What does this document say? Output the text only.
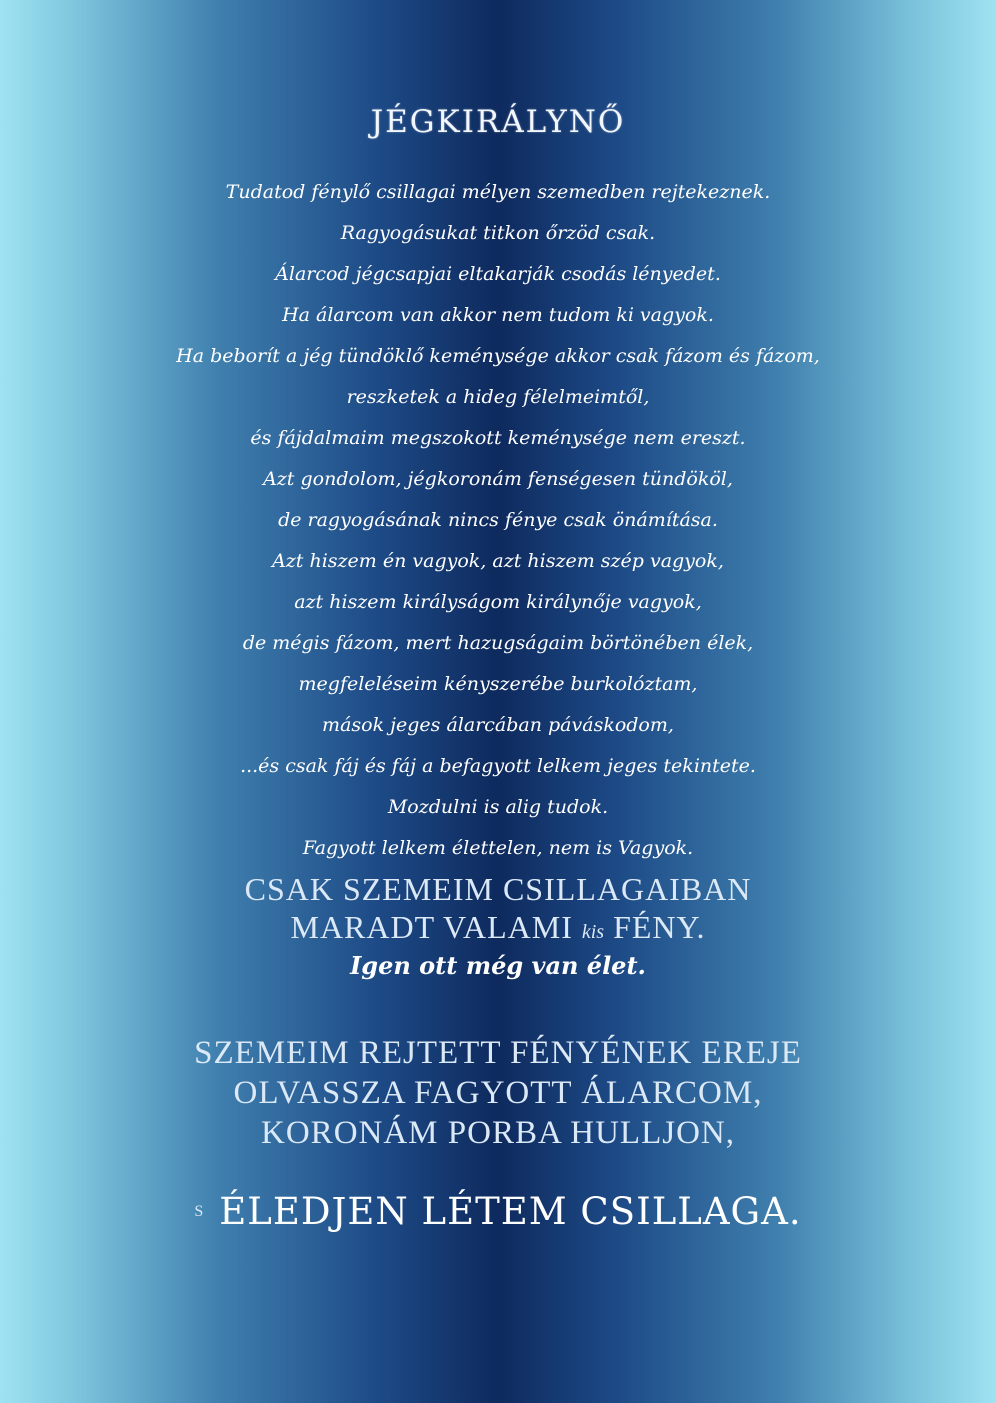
JÉGKIRÁLYNŐ
Tudatod fénylő csillagai mélyen szemedben rejtekeznek.
Ragyogásukat titkon őrzöd csak.
Álarcod jégcsapjai eltakarják csodás lényedet.
Ha álarcom van akkor nem tudom ki vagyok.
Ha beborít a jég tündöklő keménysége akkor csak fázom és fázom,
reszketek a hideg félelmeimtől,
és fájdalmaim megszokott keménysége nem ereszt.
Azt gondolom, jégkoronám fenségesen tündököl,
de ragyogásának nincs fénye csak önámítása.
Azt hiszem én vagyok, azt hiszem szép vagyok,
azt hiszem királyságom királynője vagyok,
de mégis fázom, mert hazugságaim börtönében élek,
megfeleléseim kényszerébe burkolóztam,
mások jeges álarcában páváskodom,
...és csak fáj és fáj a befagyott lelkem jeges tekintete.
Mozdulni is alig tudok.
Fagyott lelkem élettelen, nem is Vagyok.
CSAK SZEMEIM CSILLAGAIBAN
MARADT VALAMI kis FÉNY.
Igen ott még van élet.
SZEMEIM REJTETT FÉNYÉNEK EREJE
OLVASSZA FAGYOTT ÁLARCOM,
KORONÁM PORBA HULLJON,
S ÉLEDJEN LÉTEM CSILLAGA.
